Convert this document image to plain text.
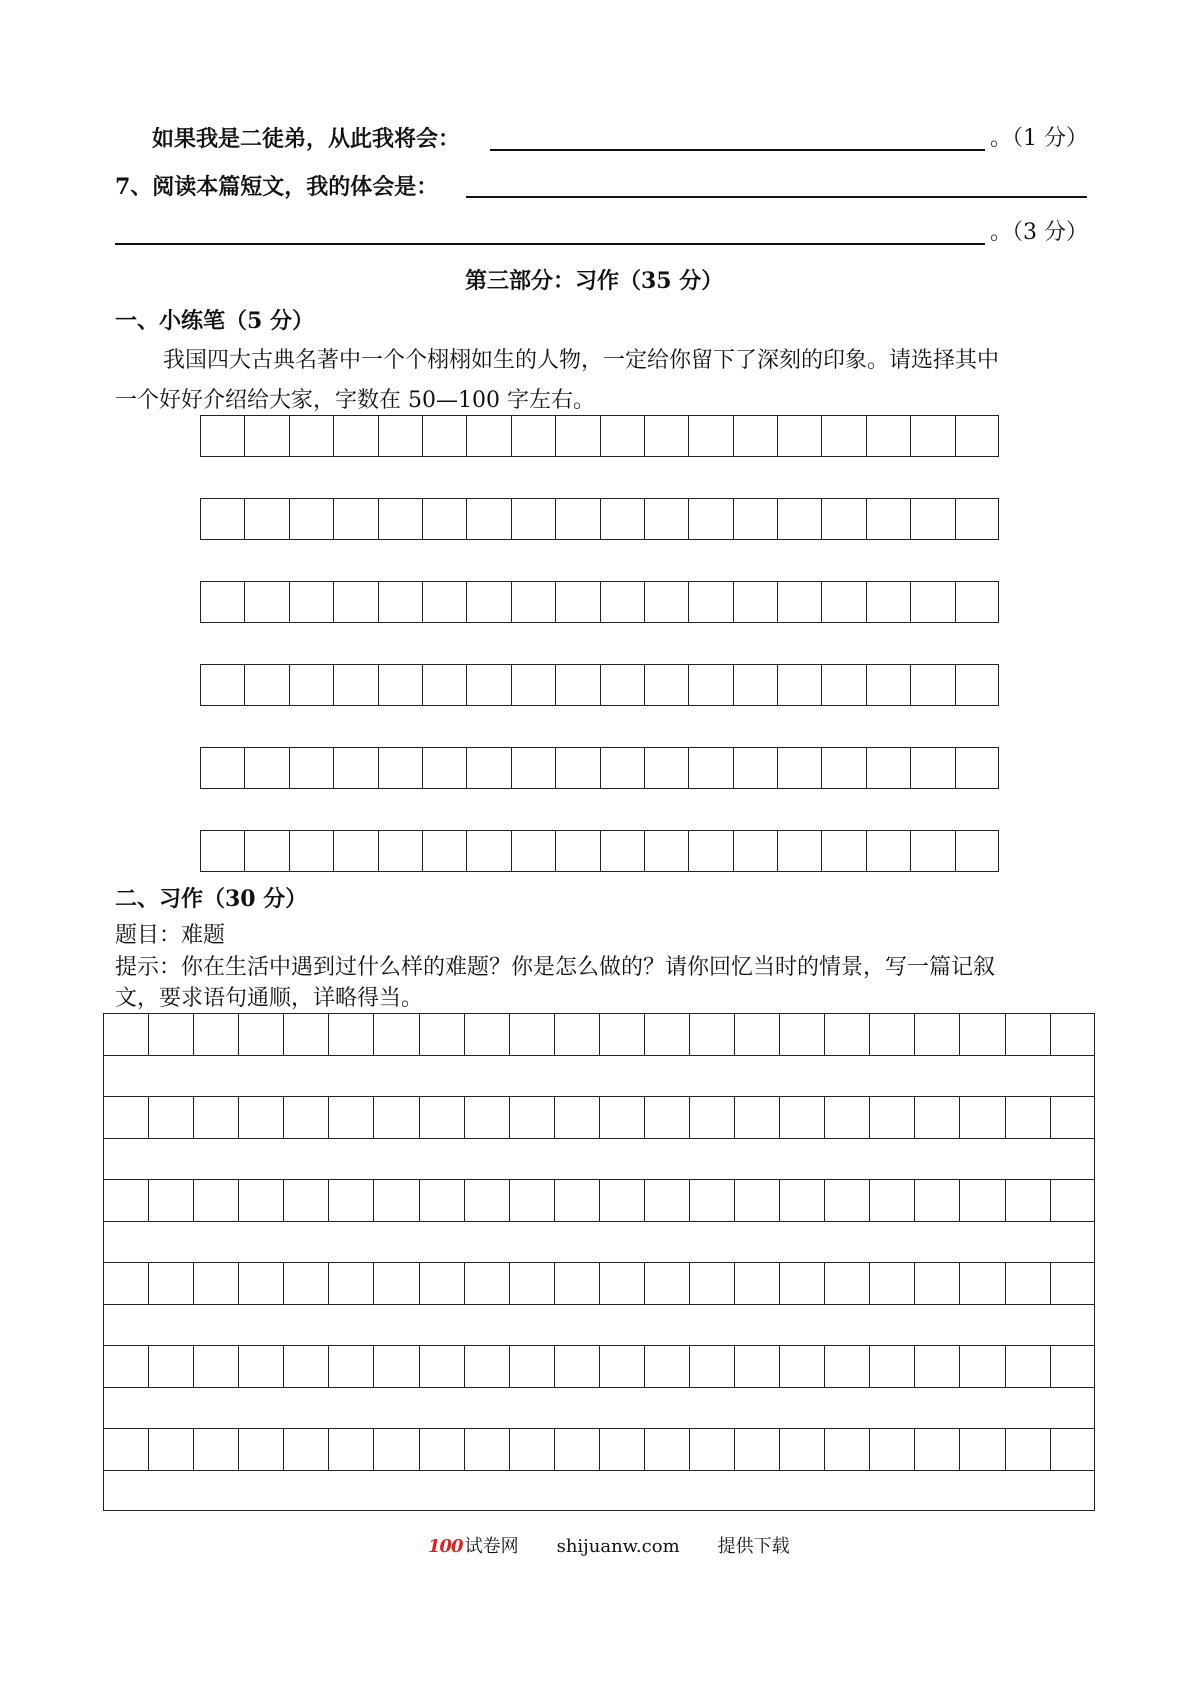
如果我是二徒弟，从此我将会：	。（1 分）
7、阅读本篇短文，我的体会是：
。（3 分）
第三部分：习作（35 分）
一、小练笔（5 分）
我国四大古典名著中一个个栩栩如生的人物，一定给你留下了深刻的印象。请选择其中
一个好好介绍给大家，字数在 50—100 字左右。
二、习作（30 分）
题目：难题
提示：你在生活中遇到过什么样的难题？你是怎么做的？请你回忆当时的情景，写一篇记叙
文，要求语句通顺，详略得当。
100 试卷网 shijuanw.com 提供下载
